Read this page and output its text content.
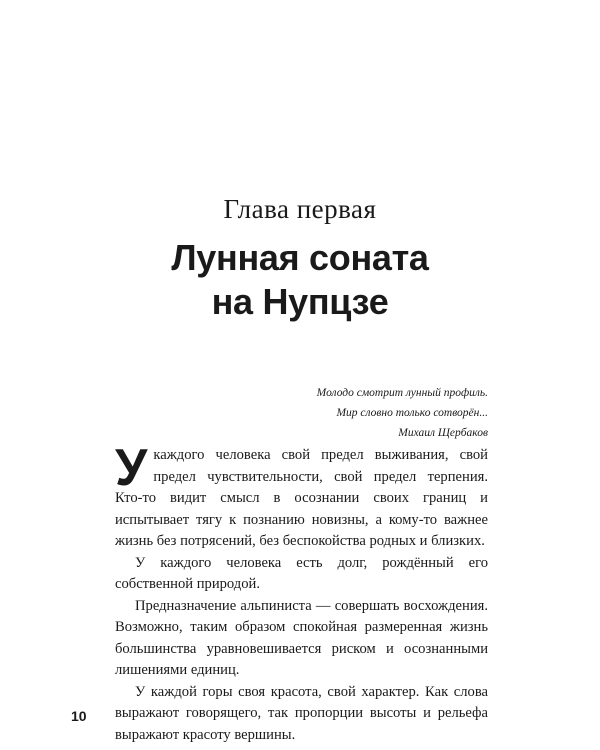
Глава первая
Лунная соната
на Нупцзе
Молодо смотрит лунный профиль.
Мир словно только сотворён...
Михаил Щербаков

Укаждого человека свой предел выживания, свой предел чувствительности, свой предел терпения. Кто-то видит смысл в осознании своих границ и испытывает тягу к познанию новизны, а кому-то важнее жизнь без потрясений, без беспокойства родных и близких.

У каждого человека есть долг, рождённый его собственной природой.

Предназначение альпиниста — совершать восхождения. Возможно, таким образом спокойная размеренная жизнь большинства уравновешивается риском и осознанными лишениями единиц.

У каждой горы своя красота, свой характер. Как слова выражают говорящего, так пропорции высоты и рельефа выражают красоту вершины.

10
